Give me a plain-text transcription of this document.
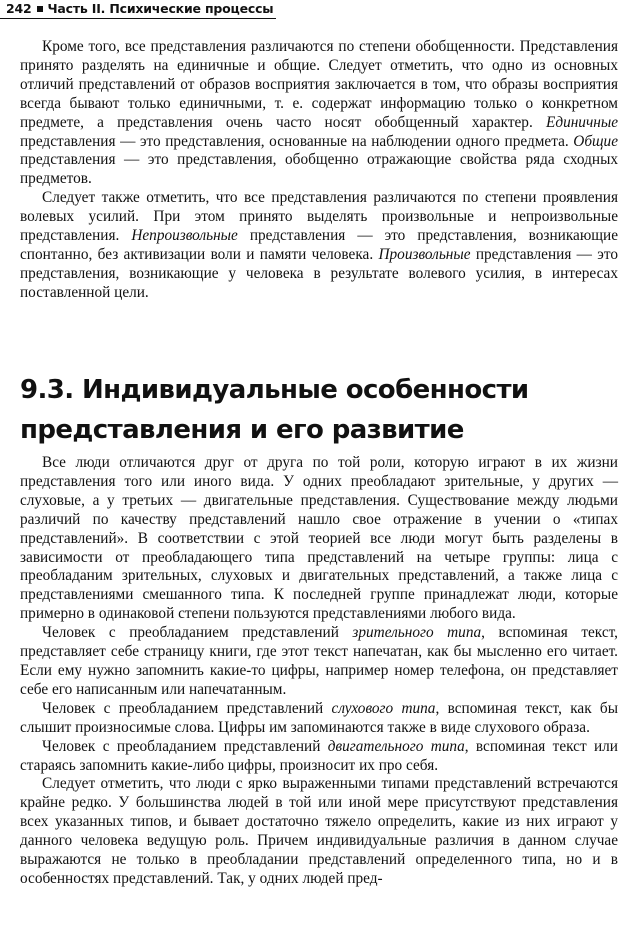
242 Часть II. Психические процессы

Кроме того, все представления различаются по степени обобщенности. Представления принято разделять на единичные и общие. Следует отметить, что одно из основных отличий представлений от образов восприятия заключается в том, что образы восприятия всегда бывают только единичными, т. е. содержат информацию только о конкретном предмете, а представления очень часто носят обобщенный характер. Единичные представления — это представления, основанные на наблюдении одного предмета. Общие представления — это представления, обобщенно отражающие свойства ряда сходных предметов.

Следует также отметить, что все представления различаются по степени проявления волевых усилий. При этом принято выделять произвольные и непроизвольные представления. Непроизвольные представления — это представления, возникающие спонтанно, без активизации воли и памяти человека. Произвольные представления — это представления, возникающие у человека в результате волевого усилия, в интересах поставленной цели.

9.3. Индивидуальные особенности
представления и его развитие

Все люди отличаются друг от друга по той роли, которую играют в их жизни представления того или иного вида. У одних преобладают зрительные, у других — слуховые, а у третьих — двигательные представления. Существование между людьми различий по качеству представлений нашло свое отражение в учении о «типах представлений». В соответствии с этой теорией все люди могут быть разделены в зависимости от преобладающего типа представлений на четыре группы: лица с преобладаним зрительных, слуховых и двигательных представлений, а также лица с представлениями смешанного типа. К последней группе принадлежат люди, которые примерно в одинаковой степени пользуются представлениями любого вида.

Человек с преобладанием представлений зрительного типа, вспоминая текст, представляет себе страницу книги, где этот текст напечатан, как бы мысленно его читает. Если ему нужно запомнить какие-то цифры, например номер телефона, он представляет себе его написанным или напечатанным.

Человек с преобладанием представлений слухового типа, вспоминая текст, как бы слышит произносимые слова. Цифры им запоминаются также в виде слухового образа.

Человек с преобладанием представлений двигательного типа, вспоминая текст или стараясь запомнить какие-либо цифры, произносит их про себя.

Следует отметить, что люди с ярко выраженными типами представлений встречаются крайне редко. У большинства людей в той или иной мере присутствуют представления всех указанных типов, и бывает достаточно тяжело определить, какие из них играют у данного человека ведущую роль. Причем индивидуальные различия в данном случае выражаются не только в преобладании представлений определенного типа, но и в особенностях представлений. Так, у одних людей пред-
